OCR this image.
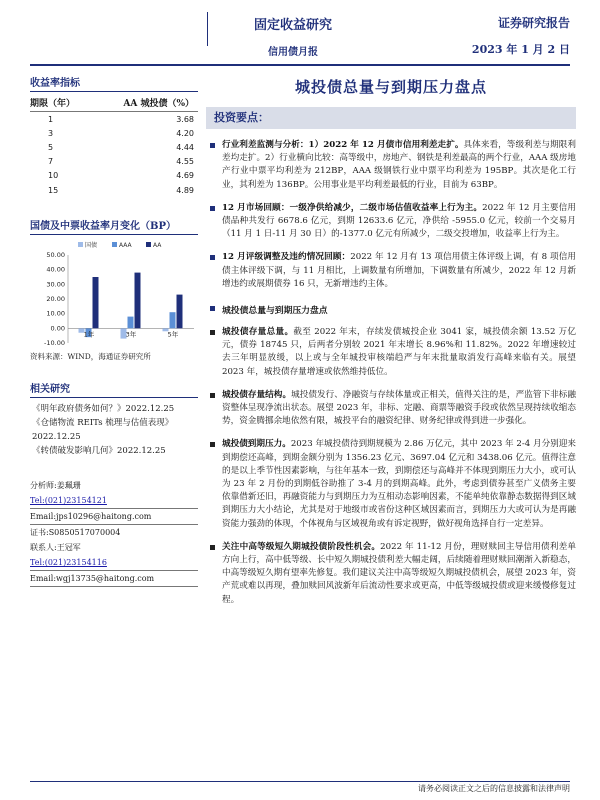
固定收益研究
信用债月报
证券研究报告
2023 年 1 月 2 日
收益率指标
期限（年）	AA 城投债（%）
1	3.68
3	4.20
5	4.44
7	4.55
10	4.69
15	4.89
国债及中票收益率月变化（BP）
国债	AAA	AA
50.00
40.00
30.00
20.00
10.00
0.00
-10.00
1年	3年	5年
资料来源：WIND，海通证券研究所
相关研究
《明年政府债务如何？》2022.12.25
《仓储物流 REITs 梳理与估值表现》
2022.12.25
《转债破发影响几何》2022.12.25
分析师:姜珮珊
Tel:(021)23154121
Email:jps10296@haitong.com
证书:S0850517070004
联系人:王冠军
Tel:(021)23154116
Email:wgj13735@haitong.com
城投债总量与到期压力盘点
投资要点：
行业利差监测与分析：1）2022 年 12 月债市信用利差走扩。具体来看，等级利差与期限利差均走扩。2）行业横向比较：高等级中，房地产、钢铁是利差最高的两个行业，AAA 级房地产行业中票平均利差为 212BP，AAA 级钢铁行业中票平均利差为 195BP。其次是化工行业，其利差为 136BP。公用事业是平均利差最低的行业，目前为 63BP。
12 月市场回顾：一级净供给减少，二级市场估值收益率上行为主。2022 年 12 月主要信用债品种共发行 6678.6 亿元，到期 12633.6 亿元，净供给 -5955.0 亿元，较前一个交易月（11 月 1 日-11 月 30 日）的-1377.0 亿元有所减少，二级交投增加，收益率上行为主。
12 月评级调整及违约情况回顾：2022 年 12 月有 13 项信用债主体评级上调，有 8 项信用债主体评级下调，与 11 月相比，上调数量有所增加，下调数量有所减少，2022 年 12 月新增违约或展期债券 16 只，无新增违约主体。
城投债总量与到期压力盘点
城投债存量总量。截至 2022 年末，存续发债城投企业 3041 家，城投债余额 13.52 万亿元，债券 18745 只，后两者分别较 2021 年末增长 8.96%和 11.82%。2022 年增速较过去三年明显放缓，以上或与全年城投审核端趋严与年末批量取消发行高峰来临有关。展望 2023 年，城投债存量增速或依然维持低位。
城投债存量结构。城投债发行、净融资与存续体量或正相关，值得关注的是，严监管下非标融资整体呈现净流出状态。展望 2023 年，非标、定融、商票等融资手段或依然呈现持续收缩态势，资金腾挪余地依然有限，城投平台的融资纪律、财务纪律或得到进一步强化。
城投债到期压力。2023 年城投债待到期规模为 2.86 万亿元，其中 2023 年 2-4 月分别迎来到期偿还高峰，到期金额分别为 1356.23 亿元、3697.04 亿元和 3438.06 亿元。值得注意的是以上季节性因素影响，与往年基本一致，到期偿还与高峰并不体现到期压力大小，或可认为 23 年 2 月份的到期低谷助推了 3-4 月的到期高峰。此外，考虑到债券甚至广义债务主要依靠借新还旧，再融资能力与到期压力为互相动态影响因素，不能单纯依靠静态数据得到区域到期压力大小结论，尤其是对于地级市或省份这种区域因素而言，到期压力大或可认为是再融资能力强劲的体现，个体视角与区域视角或有诉定视野，做好视角选择自行一定差异。
关注中高等级短久期城投债阶段性机会。2022 年 11-12 月份，理财赎回主导信用债利差单方向上行，高中低等级、长中短久期城投债利差大幅走阔，后续随着理财赎回潮渐入新稳态，中高等级短久期有望率先修复。我们建议关注中高等级短久期城投债机会，展望 2023 年，资产荒或难以再现，叠加赎回风波新年后流动性要求或更高，中低等级城投债或迎来缓慢修复过程。
请务必阅读正文之后的信息披露和法律声明
